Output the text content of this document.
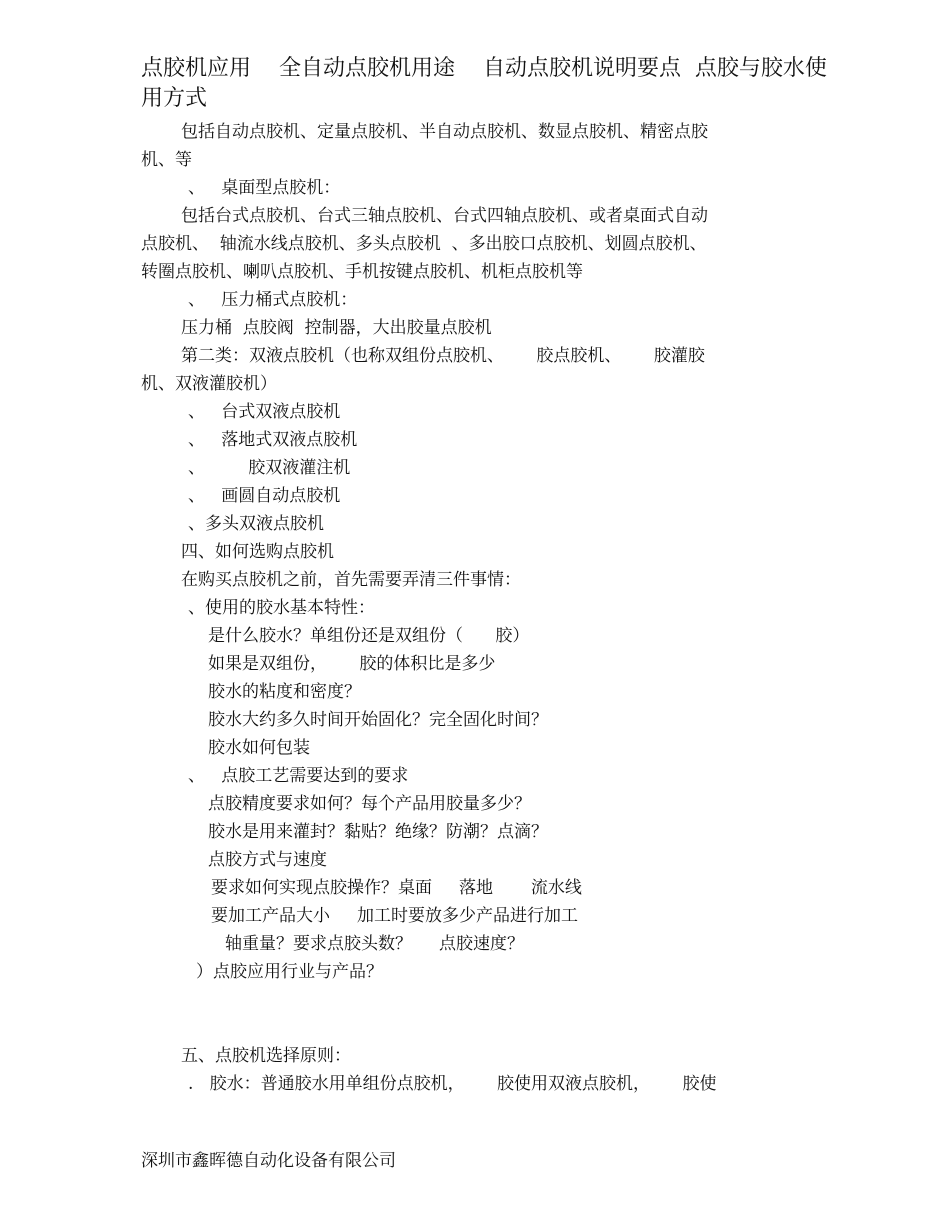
点胶机应用    全自动点胶机用途    自动点胶机说明要点  点胶与胶水使用方式
包括自动点胶机、定量点胶机、半自动点胶机、数显点胶机、精密点胶
机、等
、   桌面型点胶机：
包括台式点胶机、台式三轴点胶机、台式四轴点胶机、或者桌面式自动
点胶机、  轴流水线点胶机、多头点胶机  、多出胶口点胶机、划圆点胶机、
转圈点胶机、喇叭点胶机、手机按键点胶机、机柜点胶机等
、   压力桶式点胶机：
压力桶  点胶阀  控制器，大出胶量点胶机
第二类：双液点胶机（也称双组份点胶机、      胶点胶机、      胶灌胶
机、双液灌胶机）
、   台式双液点胶机
、   落地式双液点胶机
、        胶双液灌注机
、   画圆自动点胶机
、多头双液点胶机
四、如何选购点胶机
在购买点胶机之前，首先需要弄清三件事情：
、使用的胶水基本特性：
是什么胶水？单组份还是双组份（      胶）
如果是双组份，      胶的体积比是多少
胶水的粘度和密度？
胶水大约多久时间开始固化？完全固化时间？
胶水如何包装
、   点胶工艺需要达到的要求
点胶精度要求如何？每个产品用胶量多少？
胶水是用来灌封？黏贴？绝缘？防潮？点滴？
点胶方式与速度
要求如何实现点胶操作？桌面     落地       流水线
要加工产品大小     加工时要放多少产品进行加工
轴重量？要求点胶头数？     点胶速度？
）点胶应用行业与产品？
五、点胶机选择原则：
.   胶水：普通胶水用单组份点胶机，      胶使用双液点胶机，      胶使
深圳市鑫晖德自动化设备有限公司
